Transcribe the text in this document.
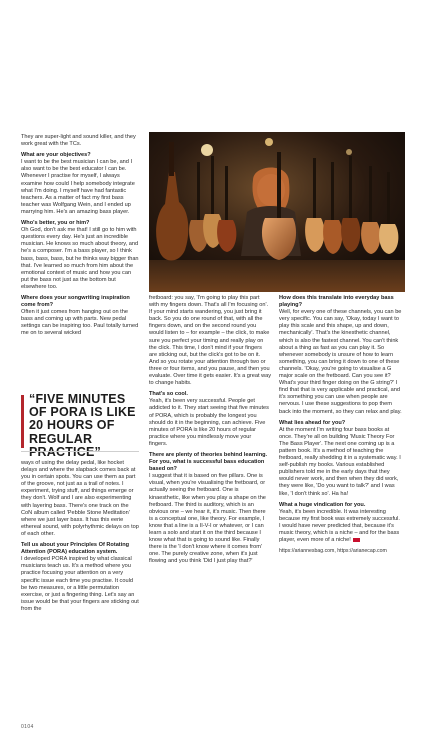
They are super-light and sound killer, and they work great with the TCs.

What are your objectives?

I want to be the best musician I can be, and I also want to be the best educator I can be. Whenever I practise for myself, I always examine how could I help somebody integrate what I'm doing. I myself have had fantastic teachers. As a matter of fact my first bass teacher was Wolfgang Wein, and I ended up marrying him. He's an amazing bass player.

Who's better, you or him?

Oh God, don't ask me that! I still go to him with questions every day. He's just an incredible musician. He knows so much about theory, and he's a composer. I'm a bass player, so I think bass, bass, bass, but he thinks way bigger than that. I've learned so much from him about the emotional context of music and how you can put the bass not just as the bottom but elsewhere too.

Where does your songwriting inspiration come from?

Often it just comes from hanging out on the bass and coming up with parts. New pedal settings can be inspiring too. Paul totally turned me on to several wicked

“FIVE MINUTES OF PORA IS LIKE 20 HOURS OF REGULAR

ways of using the delay pedal, like hocket delays and where the slapback comes back at you in certain spots. You can use them as part of the groove, not just as a trail of notes. I experiment, trying stuff, and things emerge or they don't. Wolf and I are also experimenting with layering bass. There's one track on the CoN album called 'Pebble Stone Meditation' where we just layer bass. It has this eerie ethereal sound, with polyrhythmic delays on top of each other.

Tell us about your Principles Of Rotating Attention (PORA) education system.

I developed PORA inspired by what classical musicians teach us. It's a method where you practice focusing your attention on a very specific issue each time you practise. It could be two measures, or a little permutation exercise, or just a fingering thing. Let's say an issue would be that your fingers are sticking out from the

fretboard: you say, 'I'm going to play this part with my fingers down. That's all I'm focusing on'. If your mind starts wandering, you just bring it back. So you do one round of that, with all the fingers down, and on the second round you would listen to – for example – the click, to make sure you perfect your timing and really play on the click. This time, I don't mind if your fingers are sticking out, but the click's got to be on it. And so you rotate your attention through two or three or four items, and you pause, and then you evaluate. Over time it gets easier. It's a great way to change habits.

That's so cool.

Yeah, it's been very successful. People get addicted to it. They start seeing that five minutes of PORA, which is probably the longest you should do it in the beginning, can achieve. Five minutes of PORA is like 20 hours of regular practice where you mindlessly move your fingers.

There are plenty of theories behind learning. For you, what is successful bass education based on?

I suggest that it is based on five pillars. One is visual, when you're visualising the fretboard, or actually seeing the fretboard. One is kinaesthetic, like when you play a shape on the fretboard. The third is auditory, which is an obvious one – we hear it, it's music. Then there is a conceptual one, like theory. For example, I know that a line is a II-V-I or whatever, or I can learn a solo and start it on the third because I know what that is going to sound like. Finally there is the 'I don't know where it comes from' one. The purely creative zone, when it's just flowing and you think 'Did I just play that?'

How does this translate into everyday bass playing?

Well, for every one of these channels, you can be very specific. You can say, 'Okay, today I want to play this scale and this shape, up and down, mechanically'. That's the kinesthetic channel, which is also the fastest channel. You can't think about a thing as fast as you can play it. So whenever somebody is unsure of how to learn something, you can bring it down to one of these channels. 'Okay, you're going to visualise a G major scale on the fretboard. Can you see it? What's your third finger doing on the G string?' I find that that is very applicable and practical, and it's something you can use when people are nervous. I use these suggestions to pop them back into the moment, so they can relax and play.

What lies ahead for you?

At the moment I'm writing four bass books at once. They're all on building 'Music Theory For The Bass Player'. The next one coming up is a pattern book. It's a method of teaching the fretboard, really shedding it in a systematic way. I self-publish my books. Various established publishers told me in the early days that they would never work, and then when they did work, they were like, 'Do you want to talk?' and I was like, 'I don't think so'. Ha ha!

What a huge vindication for you.

Yeah, it's been incredible. It was interesting because my first book was extremely successful. I would have never predicted that, because it's music theory, which is a niche – and for the bass player, even more of a niche!

https://ariannesbag.com, https://arianecap.com

0104
